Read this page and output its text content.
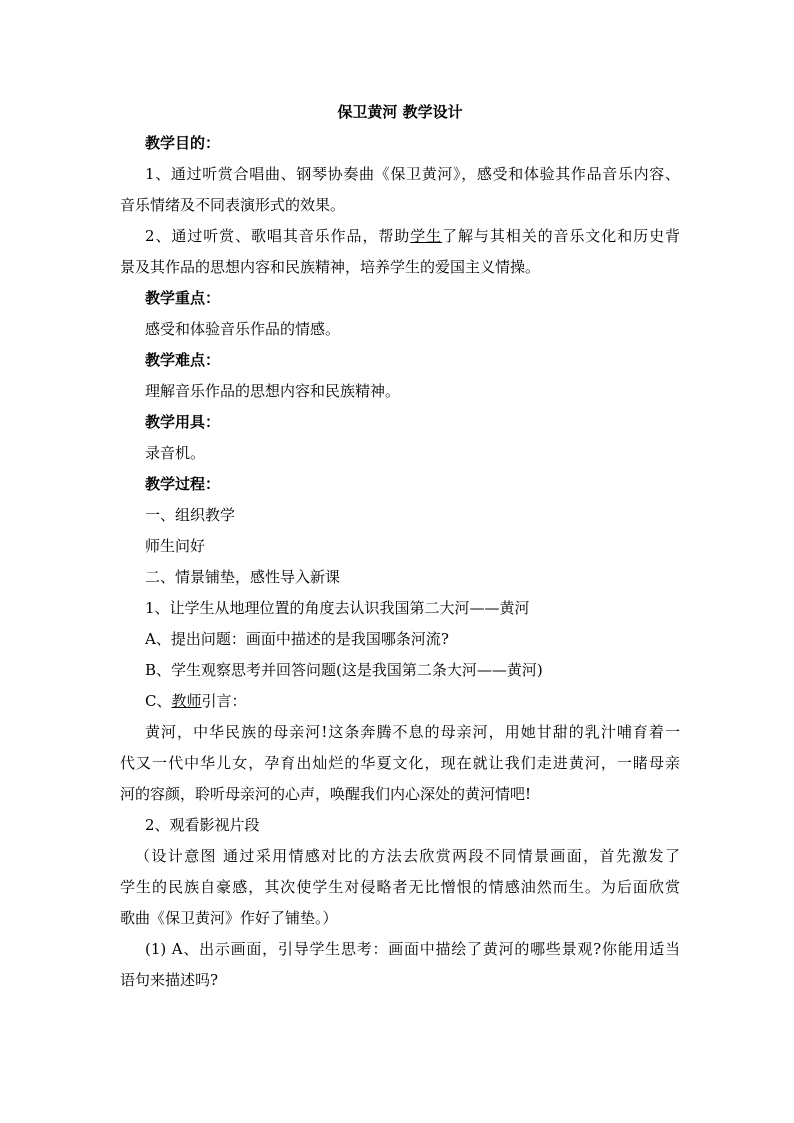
保卫黄河 教学设计
教学目的：
1、通过听赏合唱曲、钢琴协奏曲《保卫黄河》，感受和体验其作品音乐内容、
音乐情绪及不同表演形式的效果。
2、通过听赏、歌唱其音乐作品，帮助学生了解与其相关的音乐文化和历史背
景及其作品的思想内容和民族精神，培养学生的爱国主义情操。
教学重点：
感受和体验音乐作品的情感。
教学难点：
理解音乐作品的思想内容和民族精神。
教学用具：
录音机。
教学过程：
一、组织教学
师生问好
二、情景铺垫，感性导入新课
1、让学生从地理位置的角度去认识我国第二大河——黄河
A、提出问题：画面中描述的是我国哪条河流?
B、学生观察思考并回答问题(这是我国第二条大河——黄河)
C、教师引言：
黄河，中华民族的母亲河!这条奔腾不息的母亲河，用她甘甜的乳汁哺育着一
代又一代中华儿女，孕育出灿烂的华夏文化，现在就让我们走进黄河，一睹母亲
河的容颜，聆听母亲河的心声，唤醒我们内心深处的黄河情吧!
2、观看影视片段
（设计意图 通过采用情感对比的方法去欣赏两段不同情景画面，首先激发了
学生的民族自豪感，其次使学生对侵略者无比憎恨的情感油然而生。为后面欣赏
歌曲《保卫黄河》作好了铺垫。）
(1) A、出示画面，引导学生思考：画面中描绘了黄河的哪些景观?你能用适当
语句来描述吗?
